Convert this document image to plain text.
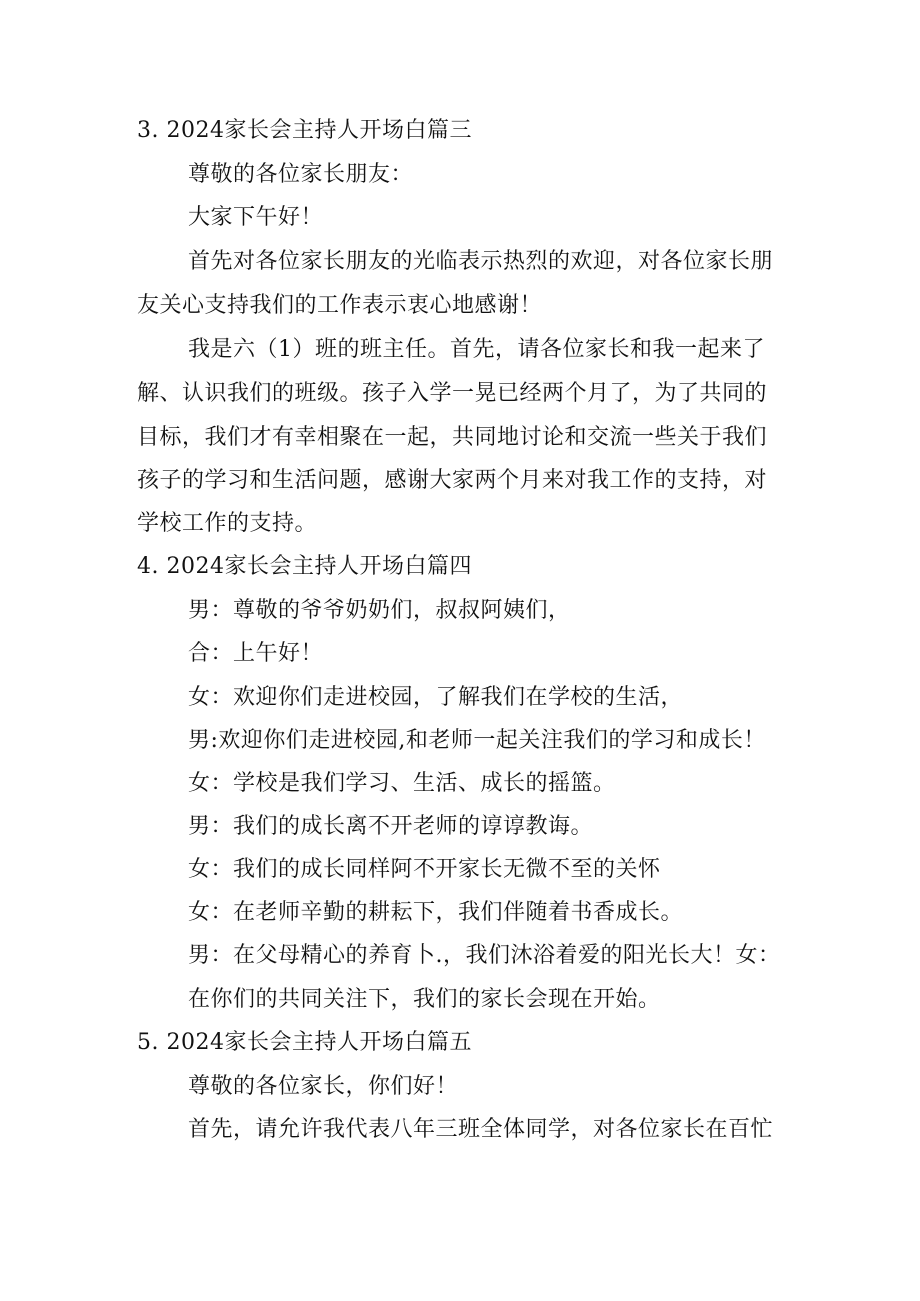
3. 2024家长会主持人开场白篇三
尊敬的各位家长朋友：
大家下午好！
首先对各位家长朋友的光临表示热烈的欢迎，对各位家长朋
友关心支持我们的工作表示衷心地感谢！
我是六（1）班的班主任。首先，请各位家长和我一起来了
解、认识我们的班级。孩子入学一晃已经两个月了，为了共同的
目标，我们才有幸相聚在一起，共同地讨论和交流一些关于我们
孩子的学习和生活问题，感谢大家两个月来对我工作的支持，对
学校工作的支持。
4. 2024家长会主持人开场白篇四
男：尊敬的爷爷奶奶们，叔叔阿姨们，
合：上午好！
女：欢迎你们走进校园，了解我们在学校的生活，
男:欢迎你们走进校园,和老师一起关注我们的学习和成长！
女：学校是我们学习、生活、成长的摇篮。
男：我们的成长离不开老师的谆谆教诲。
女：我们的成长同样阿不开家长无微不至的关怀
女：在老师辛勤的耕耘下，我们伴随着书香成长。
男：在父母精心的养育卜.，我们沐浴着爱的阳光长大！女：
在你们的共同关注下，我们的家长会现在开始。
5. 2024家长会主持人开场白篇五
尊敬的各位家长，你们好！
首先，请允许我代表八年三班全体同学，对各位家长在百忙
